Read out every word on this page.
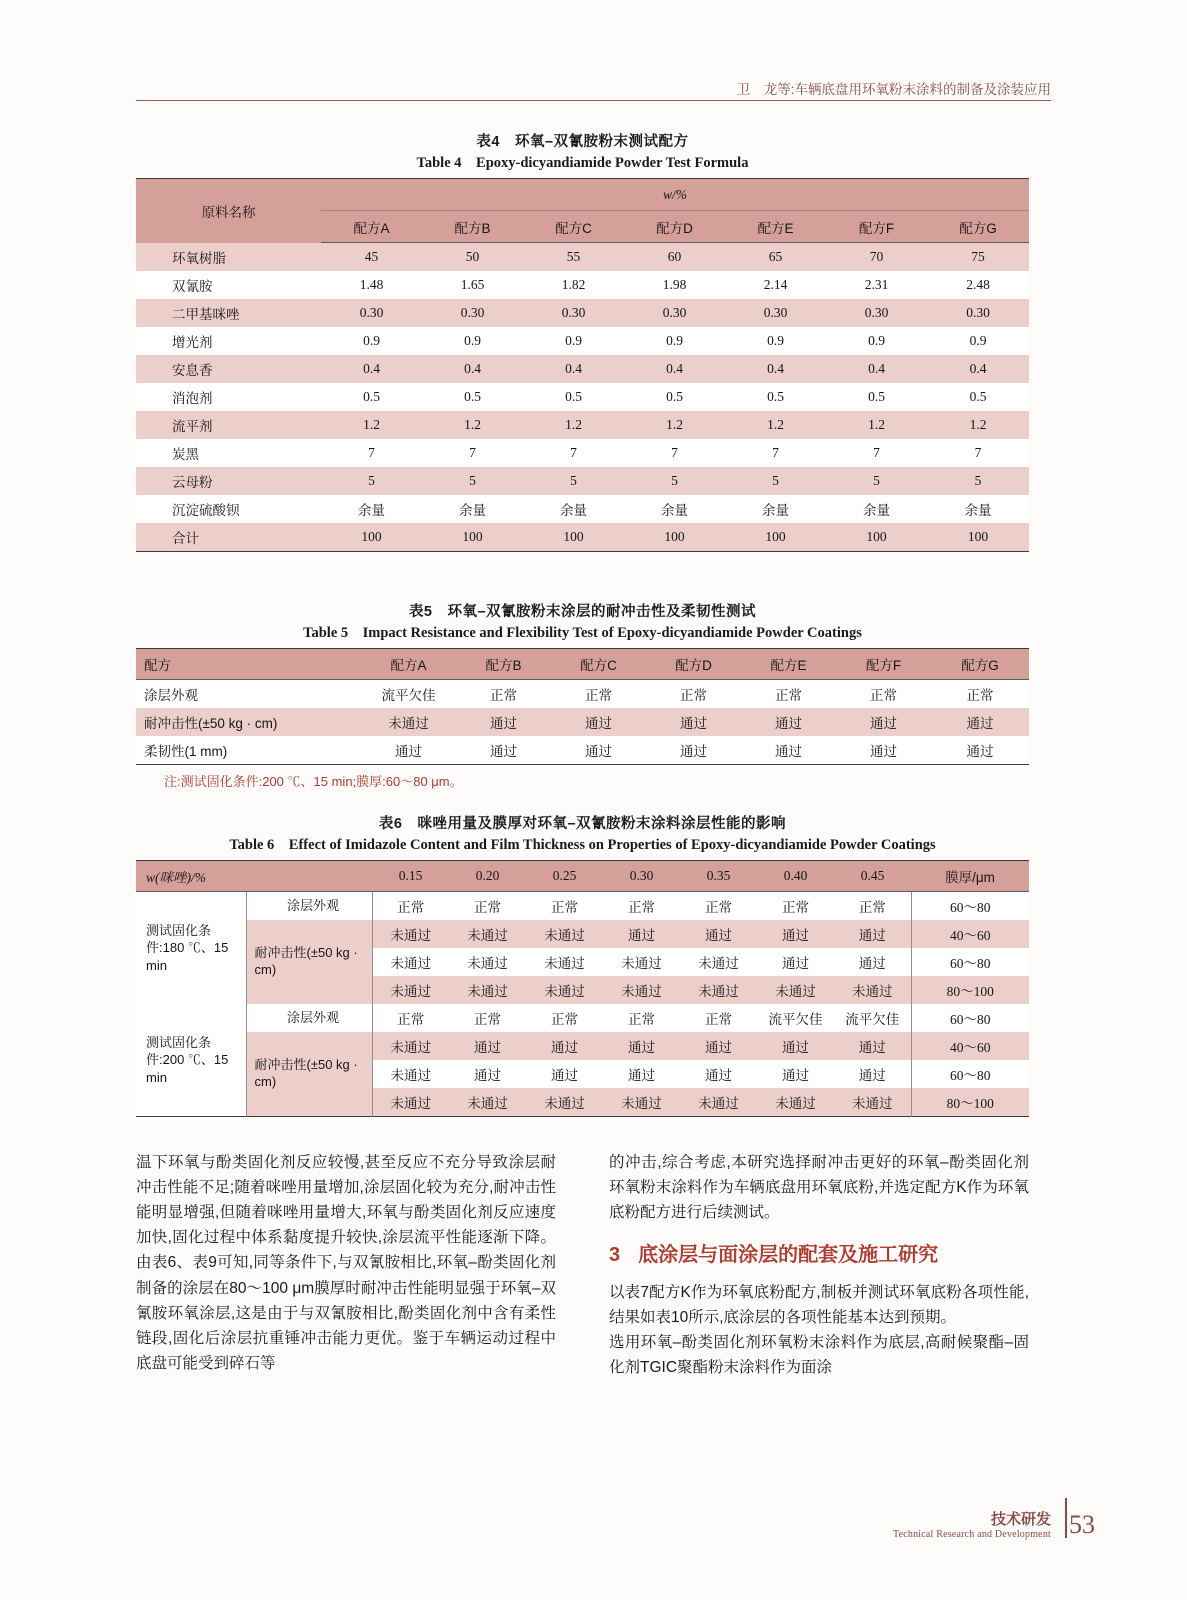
卫　龙等:车辆底盘用环氧粉末涂料的制备及涂装应用
表4　环氧–双氰胺粉末测试配方
Table 4　Epoxy-dicyandiamide Powder Test Formula
原料名称	w/%						
	配方A	配方B	配方C	配方D	配方E	配方F	配方G
环氧树脂	45	50	55	60	65	70	75
双氰胺	1.48	1.65	1.82	1.98	2.14	2.31	2.48
二甲基咪唑	0.30	0.30	0.30	0.30	0.30	0.30	0.30
增光剂	0.9	0.9	0.9	0.9	0.9	0.9	0.9
安息香	0.4	0.4	0.4	0.4	0.4	0.4	0.4
消泡剂	0.5	0.5	0.5	0.5	0.5	0.5	0.5
流平剂	1.2	1.2	1.2	1.2	1.2	1.2	1.2
炭黑	7	7	7	7	7	7	7
云母粉	5	5	5	5	5	5	5
沉淀硫酸钡	余量	余量	余量	余量	余量	余量	余量
合计	100	100	100	100	100	100	100
表5　环氧–双氰胺粉末涂层的耐冲击性及柔韧性测试
Table 5　Impact Resistance and Flexibility Test of Epoxy-dicyandiamide Powder Coatings
配方	配方A	配方B	配方C	配方D	配方E	配方F	配方G
涂层外观	流平欠佳	正常	正常	正常	正常	正常	正常
耐冲击性(±50 kg · cm)	未通过	通过	通过	通过	通过	通过	通过
柔韧性(1 mm)	通过	通过	通过	通过	通过	通过	通过
注:测试固化条件:200 ℃、15 min;膜厚:60～80 μm。
表6　咪唑用量及膜厚对环氧–双氰胺粉末涂料涂层性能的影响
Table 6　Effect of Imidazole Content and Film Thickness on Properties of Epoxy-dicyandiamide Powder Coatings
w(咪唑)/%		0.15	0.20	0.25	0.30	0.35	0.40	0.45	膜厚/μm
测试固化条件:180 ℃、15 min	涂层外观	正常	正常	正常	正常	正常	正常	正常	60～80
	耐冲击性(±50 kg · cm)	未通过	未通过	未通过	通过	通过	通过	通过	40～60
		未通过	未通过	未通过	未通过	未通过	通过	通过	60～80
		未通过	未通过	未通过	未通过	未通过	未通过	未通过	80～100
测试固化条件:200 ℃、15 min	涂层外观	正常	正常	正常	正常	正常	流平欠佳	流平欠佳	60～80
	耐冲击性(±50 kg · cm)	未通过	通过	通过	通过	通过	通过	通过	40～60
		未通过	通过	通过	通过	通过	通过	通过	60～80
		未通过	未通过	未通过	未通过	未通过	未通过	未通过	80～100

温下环氧与酚类固化剂反应较慢,甚至反应不充分导致涂层耐冲击性能不足;随着咪唑用量增加,涂层固化较为充分,耐冲击性能明显增强,但随着咪唑用量增大,环氧与酚类固化剂反应速度加快,固化过程中体系黏度提升较快,涂层流平性能逐渐下降。由表6、表9可知,同等条件下,与双氰胺相比,环氧–酚类固化剂制备的涂层在80～100 μm膜厚时耐冲击性能明显强于环氧–双氰胺环氧涂层,这是由于与双氰胺相比,酚类固化剂中含有柔性链段,固化后涂层抗重锤冲击能力更优。鉴于车辆运动过程中底盘可能受到碎石等

的冲击,综合考虑,本研究选择耐冲击更好的环氧–酚类固化剂环氧粉末涂料作为车辆底盘用环氧底粉,并选定配方K作为环氧底粉配方进行后续测试。

3 底涂层与面涂层的配套及施工研究

以表7配方K作为环氧底粉配方,制板并测试环氧底粉各项性能,结果如表10所示,底涂层的各项性能基本达到预期。

选用环氧–酚类固化剂环氧粉末涂料作为底层,高耐候聚酯–固化剂TGIC聚酯粉末涂料作为面涂

技术研发
Technical Research and Development 53
